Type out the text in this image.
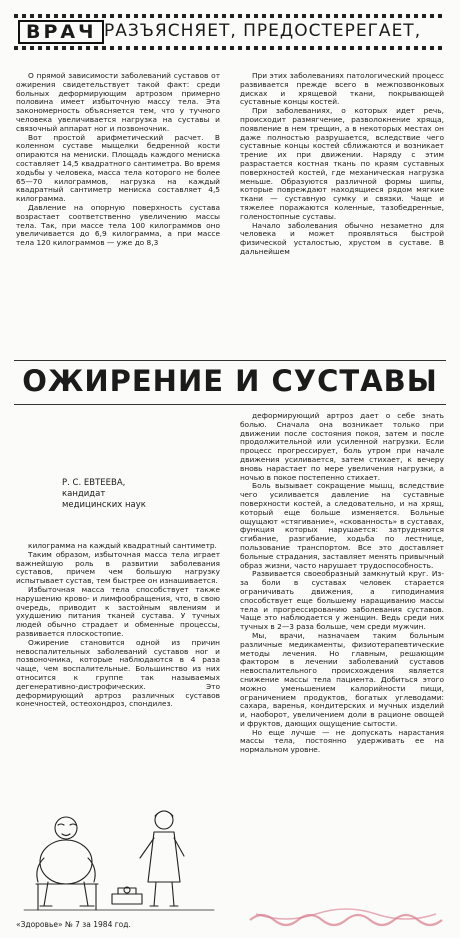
ВРАЧ РАЗЪЯСНЯЕТ, ПРЕДОСТЕРЕГАЕТ,

О прямой зависимости заболеваний суставов от ожирения свидетельствует такой факт: среди больных деформирующим артрозом примерно половина имеет избыточную массу тела. Эта закономерность объясняется тем, что у тучного человека увеличивается нагрузка на суставы и связочный аппарат ног и позвоночник.

Вот простой арифметический расчет. В коленном суставе мыщелки бедренной кости опираются на мениски. Площадь каждого мениска составляет 14,5 квадратного сантиметра. Во время ходьбы у человека, масса тела которого не более 65—70 килограммов, нагрузка на каждый квадратный сантиметр мениска составляет 4,5 килограмма.

Давление на опорную поверхность сустава возрастает соответственно увеличению массы тела. Так, при массе тела 100 килограммов оно увеличивается до 6,9 килограмма, а при массе тела 120 килограммов — уже до 8,3

При этих заболеваниях патологический процесс развивается прежде всего в межпозвонковых дисках и хрящевой ткани, покрывающей суставные концы костей.

При заболеваниях, о которых идет речь, происходит размягчение, разволокнение хряща, появление в нем трещин, а в некоторых местах он даже полностью разрушается, вследствие чего суставные концы костей сближаются и возникает трение их при движении. Наряду с этим разрастается костная ткань по краям суставных поверхностей костей, где механическая нагрузка меньше. Образуются различной формы шипы, которые повреждают находящиеся рядом мягкие ткани — суставную сумку и связки. Чаще и тяжелее поражаются коленные, тазобедренные, голеностопные суставы.

Начало заболевания обычно незаметно для человека и может проявляться быстрой физической усталостью, хрустом в суставе. В дальнейшем

ОЖИРЕНИЕ И СУСТАВЫ
Р. С. ЕВТЕЕВА,
кандидат
медицинских наук

килограмма на каждый квадратный сантиметр.

Таким образом, избыточная масса тела играет важнейшую роль в развитии заболевания суставов, причем чем большую нагрузку испытывает сустав, тем быстрее он изнашивается.

Избыточная масса тела способствует также нарушению крово- и лимфообращения, что, в свою очередь, приводит к застойным явлениям и ухудшению питания тканей сустава. У тучных людей обычно страдает и обменные процессы, развивается плоскостопие.

Ожирение становится одной из причин невоспалительных заболеваний суставов ног и позвоночника, которые наблюдаются в 4 раза чаще, чем воспалительные. Большинство из них относится к группе так называемых дегенеративно-дистрофических. Это деформирующий артроз различных суставов конечностей, остеохондроз, спондилез.

деформирующий артроз дает о себе знать болью. Сначала она возникает только при движении после состояния покоя, затем и после продолжительной или усиленной нагрузки. Если процесс прогрессирует, боль утром при начале движения усиливается, затем стихает, к вечеру вновь нарастает по мере увеличения нагрузки, а ночью в покое постепенно стихает.

Боль вызывает сокращение мышц, вследствие чего усиливается давление на суставные поверхности костей, а следовательно, и на хрящ, который еще больше изменяется. Больные ощущают «стягивание», «скованность» в суставах, функция которых нарушается: затрудняются сгибание, разгибание, ходьба по лестнице, пользование транспортом. Все это доставляет больные страдания, заставляет менять привычный образ жизни, часто нарушает трудоспособность.

Развивается своеобразный замкнутый круг. Из-за боли в суставах человек старается ограничивать движения, а гиподинамия способствует еще большему наращиванию массы тела и прогрессированию заболевания суставов. Чаще это наблюдается у женщин. Ведь среди них тучных в 2—3 раза больше, чем среди мужчин.

Мы, врачи, назначаем таким больным различные медикаменты, физиотерапевтические методы лечения. Но главным, решающим фактором в лечении заболеваний суставов невоспалительного происхождения является снижение массы тела пациента. Добиться этого можно уменьшением калорийности пищи, ограничением продуктов, богатых углеводами: сахара, варенья, кондитерских и мучных изделий и, наоборот, увеличением доли в рационе овощей и фруктов, дающих ощущение сытости.

Но еще лучше — не допускать нарастания массы тела, постоянно удерживать ее на нормальном уровне.

«Здоровье» № 7 за 1984 год.
